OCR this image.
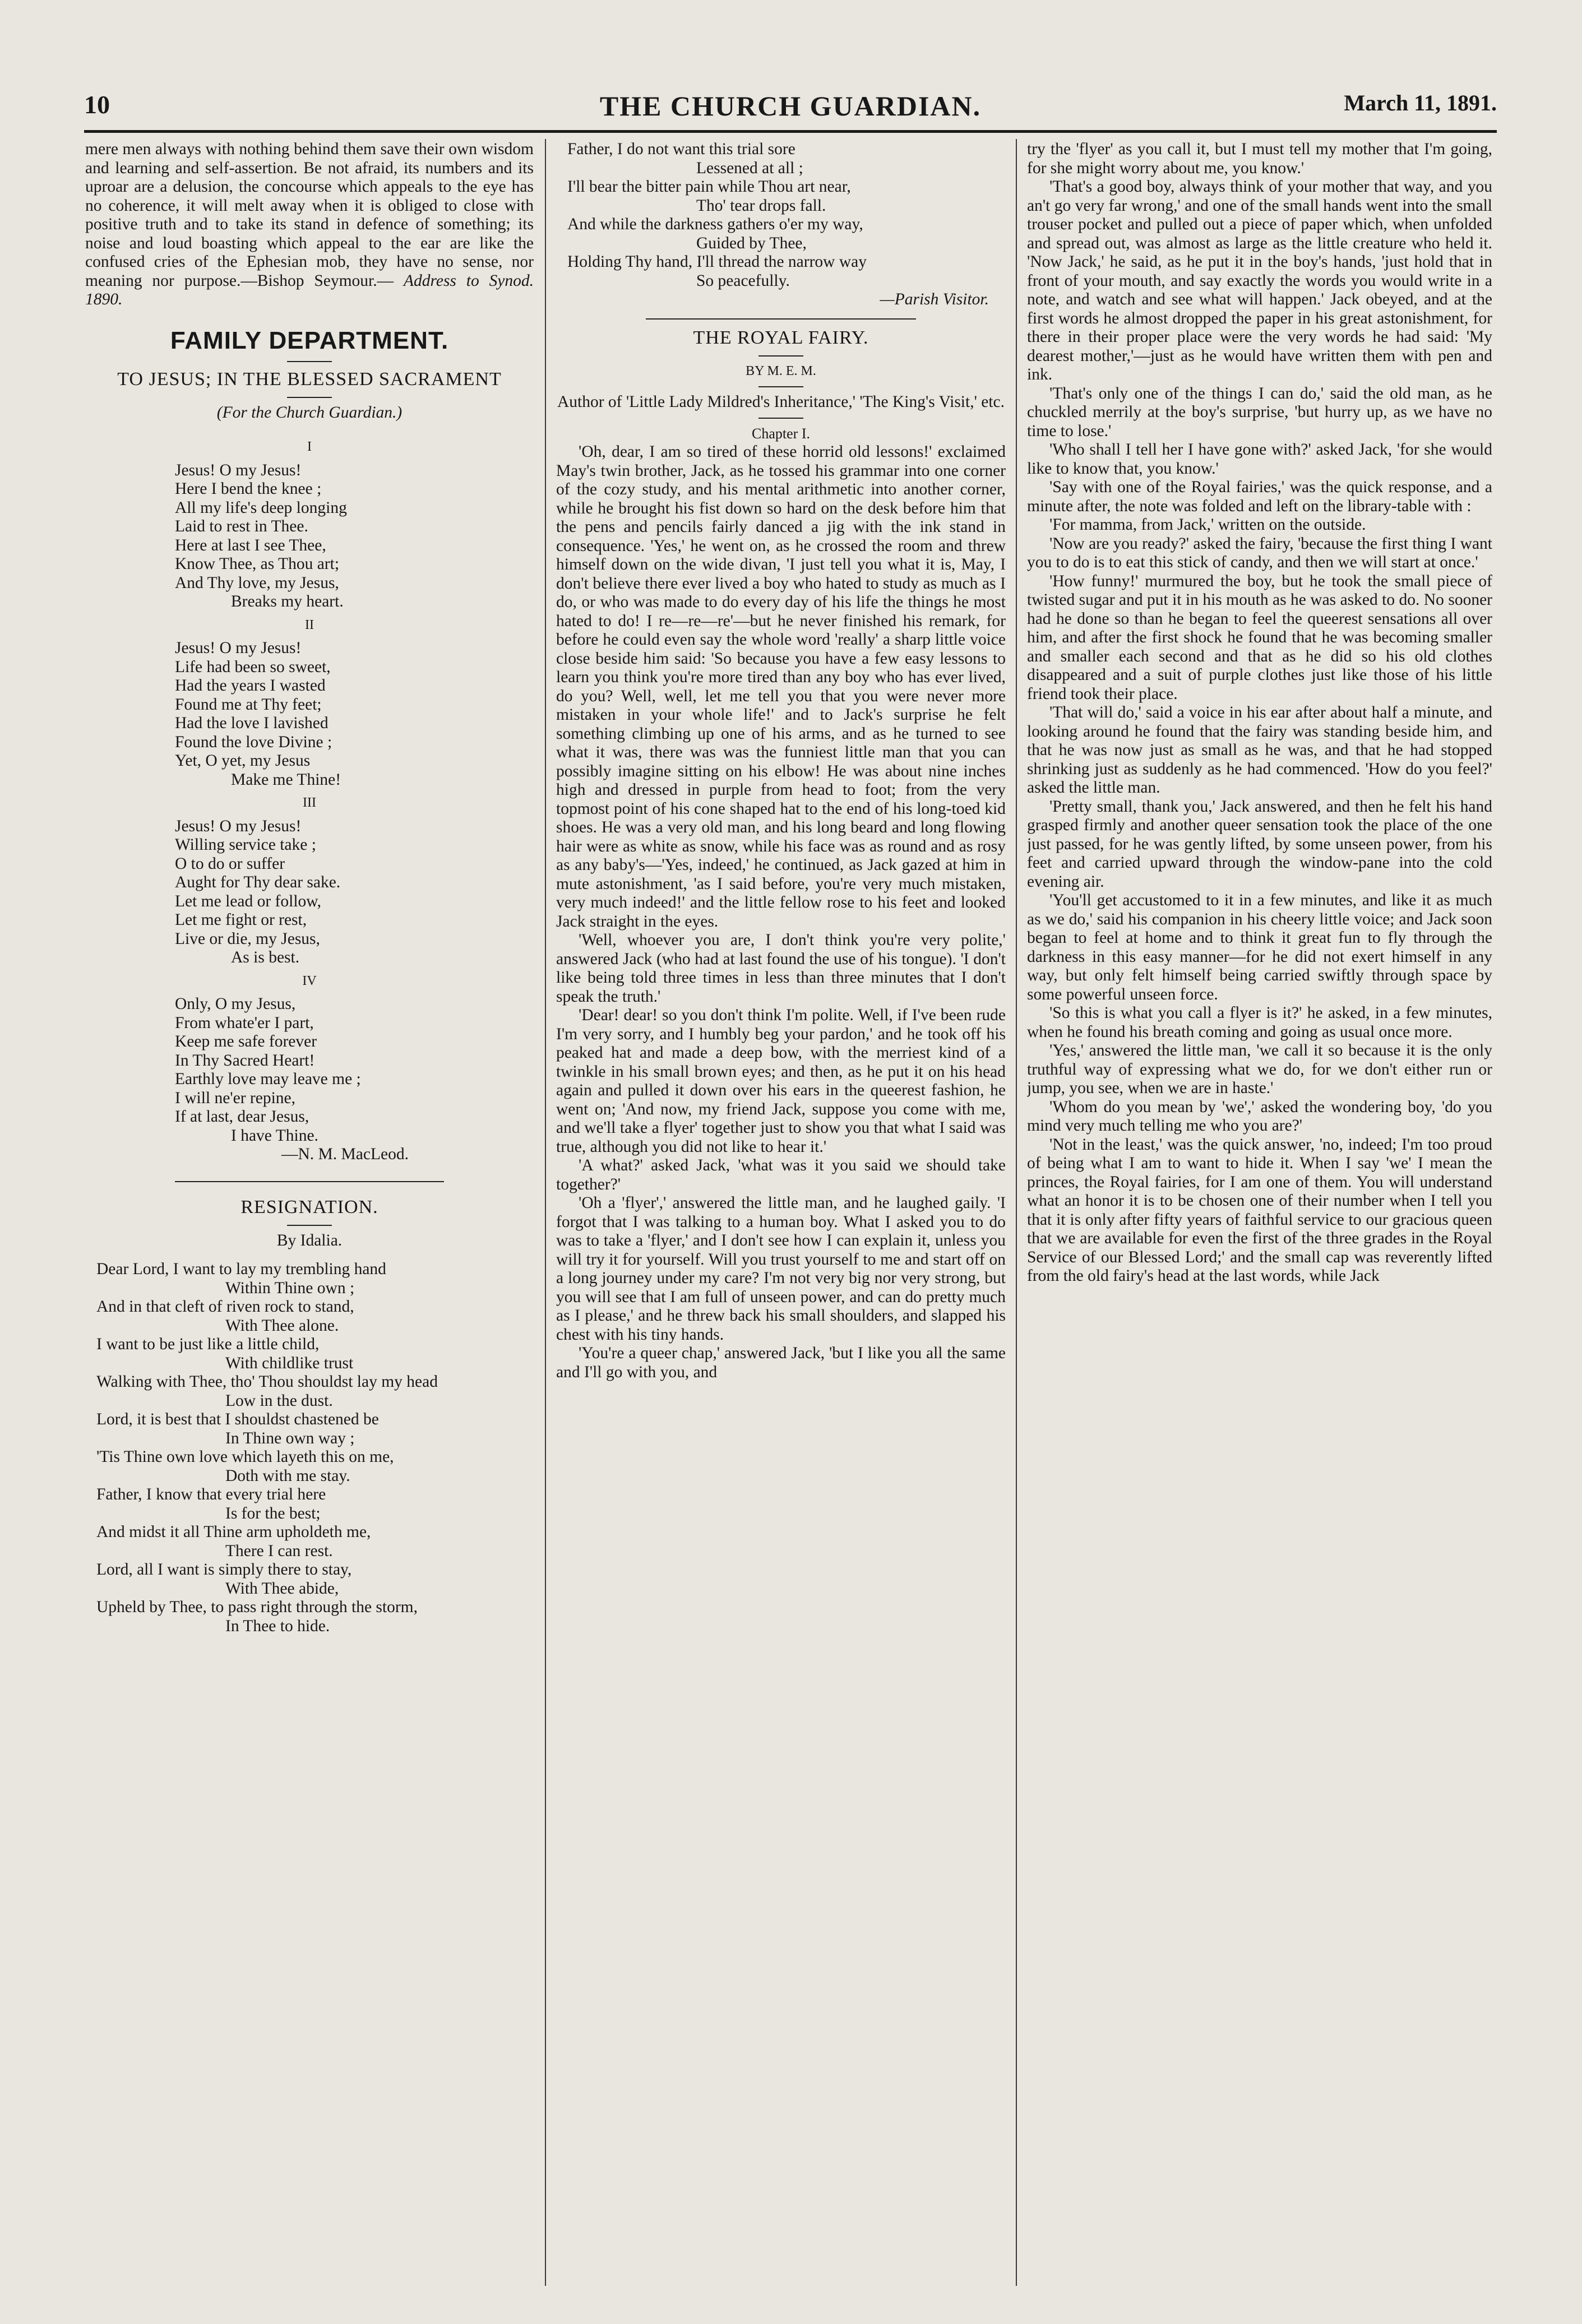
10	THE CHURCH GUARDIAN.	March 11, 1891.

mere men always with nothing behind them save their own wisdom and learning and self-assertion. Be not afraid, its numbers and its uproar are a delusion, the concourse which appeals to the eye has no coherence, it will melt away when it is obliged to close with positive truth and to take its stand in defence of something; its noise and loud boasting which appeal to the ear are like the confused cries of the Ephesian mob, they have no sense, nor meaning nor purpose.—Bishop Seymour.— Address to Synod. 1890.

FAMILY DEPARTMENT.
TO JESUS; IN THE BLESSED SACRAMENT
(For the Church Guardian.)
I
Jesus! O my Jesus!
Here I bend the knee ;
All my life's deep longing
Laid to rest in Thee.
Here at last I see Thee,
Know Thee, as Thou art;
And Thy love, my Jesus,
Breaks my heart.
II
Jesus! O my Jesus!
Life had been so sweet,
Had the years I wasted
Found me at Thy feet;
Had the love I lavished
Found the love Divine ;
Yet, O yet, my Jesus
Make me Thine!
III
Jesus! O my Jesus!
Willing service take ;
O to do or suffer
Aught for Thy dear sake.
Let me lead or follow,
Let me fight or rest,
Live or die, my Jesus,
As is best.
IV
Only, O my Jesus,
From whate'er I part,
Keep me safe forever
In Thy Sacred Heart!
Earthly love may leave me ;
I will ne'er repine,
If at last, dear Jesus,
I have Thine.
—N. M. MacLeod.
RESIGNATION.
By Idalia.
Dear Lord, I want to lay my trembling hand
Within Thine own ;
And in that cleft of riven rock to stand,
With Thee alone.
I want to be just like a little child,
With childlike trust
Walking with Thee, tho' Thou shouldst lay my head
Low in the dust.
Lord, it is best that I shouldst chastened be
In Thine own way ;
'Tis Thine own love which layeth this on me,
Doth with me stay.
Father, I know that every trial here
Is for the best;
And midst it all Thine arm upholdeth me,
There I can rest.
Lord, all I want is simply there to stay,
With Thee abide,
Upheld by Thee, to pass right through the storm,
In Thee to hide.
Father, I do not want this trial sore
Lessened at all ;
I'll bear the bitter pain while Thou art near,
Tho' tear drops fall.
And while the darkness gathers o'er my way,
Guided by Thee,
Holding Thy hand, I'll thread the narrow way
So peacefully.

—Parish Visitor.

THE ROYAL FAIRY.
BY M. E. M.
Author of 'Little Lady Mildred's Inheritance,' 'The King's Visit,' etc.
Chapter I.

'Oh, dear, I am so tired of these horrid old lessons!' exclaimed May's twin brother, Jack, as he tossed his grammar into one corner of the cozy study, and his mental arithmetic into another corner, while he brought his fist down so hard on the desk before him that the pens and pencils fairly danced a jig with the ink stand in consequence. 'Yes,' he went on, as he crossed the room and threw himself down on the wide divan, 'I just tell you what it is, May, I don't believe there ever lived a boy who hated to study as much as I do, or who was made to do every day of his life the things he most hated to do! I re—re—re'—but he never finished his remark, for before he could even say the whole word 'really' a sharp little voice close beside him said: 'So because you have a few easy lessons to learn you think you're more tired than any boy who has ever lived, do you? Well, well, let me tell you that you were never more mistaken in your whole life!' and to Jack's surprise he felt something climbing up one of his arms, and as he turned to see what it was, there was was the funniest little man that you can possibly imagine sitting on his elbow! He was about nine inches high and dressed in purple from head to foot; from the very topmost point of his cone shaped hat to the end of his long-toed kid shoes. He was a very old man, and his long beard and long flowing hair were as white as snow, while his face was as round and as rosy as any baby's—'Yes, indeed,' he continued, as Jack gazed at him in mute astonishment, 'as I said before, you're very much mistaken, very much indeed!' and the little fellow rose to his feet and looked Jack straight in the eyes.

'Well, whoever you are, I don't think you're very polite,' answered Jack (who had at last found the use of his tongue). 'I don't like being told three times in less than three minutes that I don't speak the truth.'

'Dear! dear! so you don't think I'm polite. Well, if I've been rude I'm very sorry, and I humbly beg your pardon,' and he took off his peaked hat and made a deep bow, with the merriest kind of a twinkle in his small brown eyes; and then, as he put it on his head again and pulled it down over his ears in the queerest fashion, he went on; 'And now, my friend Jack, suppose you come with me, and we'll take a flyer' together just to show you that what I said was true, although you did not like to hear it.'

'A what?' asked Jack, 'what was it you said we should take together?'

'Oh a 'flyer',' answered the little man, and he laughed gaily. 'I forgot that I was talking to a human boy. What I asked you to do was to take a 'flyer,' and I don't see how I can explain it, unless you will try it for yourself. Will you trust yourself to me and start off on a long journey under my care? I'm not very big nor very strong, but you will see that I am full of unseen power, and can do pretty much as I please,' and he threw back his small shoulders, and slapped his chest with his tiny hands.

'You're a queer chap,' answered Jack, 'but I like you all the same and I'll go with you, and

try the 'flyer' as you call it, but I must tell my mother that I'm going, for she might worry about me, you know.'

'That's a good boy, always think of your mother that way, and you an't go very far wrong,' and one of the small hands went into the small trouser pocket and pulled out a piece of paper which, when unfolded and spread out, was almost as large as the little creature who held it. 'Now Jack,' he said, as he put it in the boy's hands, 'just hold that in front of your mouth, and say exactly the words you would write in a note, and watch and see what will happen.' Jack obeyed, and at the first words he almost dropped the paper in his great astonishment, for there in their proper place were the very words he had said: 'My dearest mother,'—just as he would have written them with pen and ink.

'That's only one of the things I can do,' said the old man, as he chuckled merrily at the boy's surprise, 'but hurry up, as we have no time to lose.'

'Who shall I tell her I have gone with?' asked Jack, 'for she would like to know that, you know.'

'Say with one of the Royal fairies,' was the quick response, and a minute after, the note was folded and left on the library-table with :

'For mamma, from Jack,' written on the outside.

'Now are you ready?' asked the fairy, 'because the first thing I want you to do is to eat this stick of candy, and then we will start at once.'

'How funny!' murmured the boy, but he took the small piece of twisted sugar and put it in his mouth as he was asked to do. No sooner had he done so than he began to feel the queerest sensations all over him, and after the first shock he found that he was becoming smaller and smaller each second and that as he did so his old clothes disappeared and a suit of purple clothes just like those of his little friend took their place.

'That will do,' said a voice in his ear after about half a minute, and looking around he found that the fairy was standing beside him, and that he was now just as small as he was, and that he had stopped shrinking just as suddenly as he had commenced. 'How do you feel?' asked the little man.

'Pretty small, thank you,' Jack answered, and then he felt his hand grasped firmly and another queer sensation took the place of the one just passed, for he was gently lifted, by some unseen power, from his feet and carried upward through the window-pane into the cold evening air.

'You'll get accustomed to it in a few minutes, and like it as much as we do,' said his companion in his cheery little voice; and Jack soon began to feel at home and to think it great fun to fly through the darkness in this easy manner—for he did not exert himself in any way, but only felt himself being carried swiftly through space by some powerful unseen force.

'So this is what you call a flyer is it?' he asked, in a few minutes, when he found his breath coming and going as usual once more.

'Yes,' answered the little man, 'we call it so because it is the only truthful way of expressing what we do, for we don't either run or jump, you see, when we are in haste.'

'Whom do you mean by 'we',' asked the wondering boy, 'do you mind very much telling me who you are?'

'Not in the least,' was the quick answer, 'no, indeed; I'm too proud of being what I am to want to hide it. When I say 'we' I mean the princes, the Royal fairies, for I am one of them. You will understand what an honor it is to be chosen one of their number when I tell you that it is only after fifty years of faithful service to our gracious queen that we are available for even the first of the three grades in the Royal Service of our Blessed Lord;' and the small cap was reverently lifted from the old fairy's head at the last words, while Jack
